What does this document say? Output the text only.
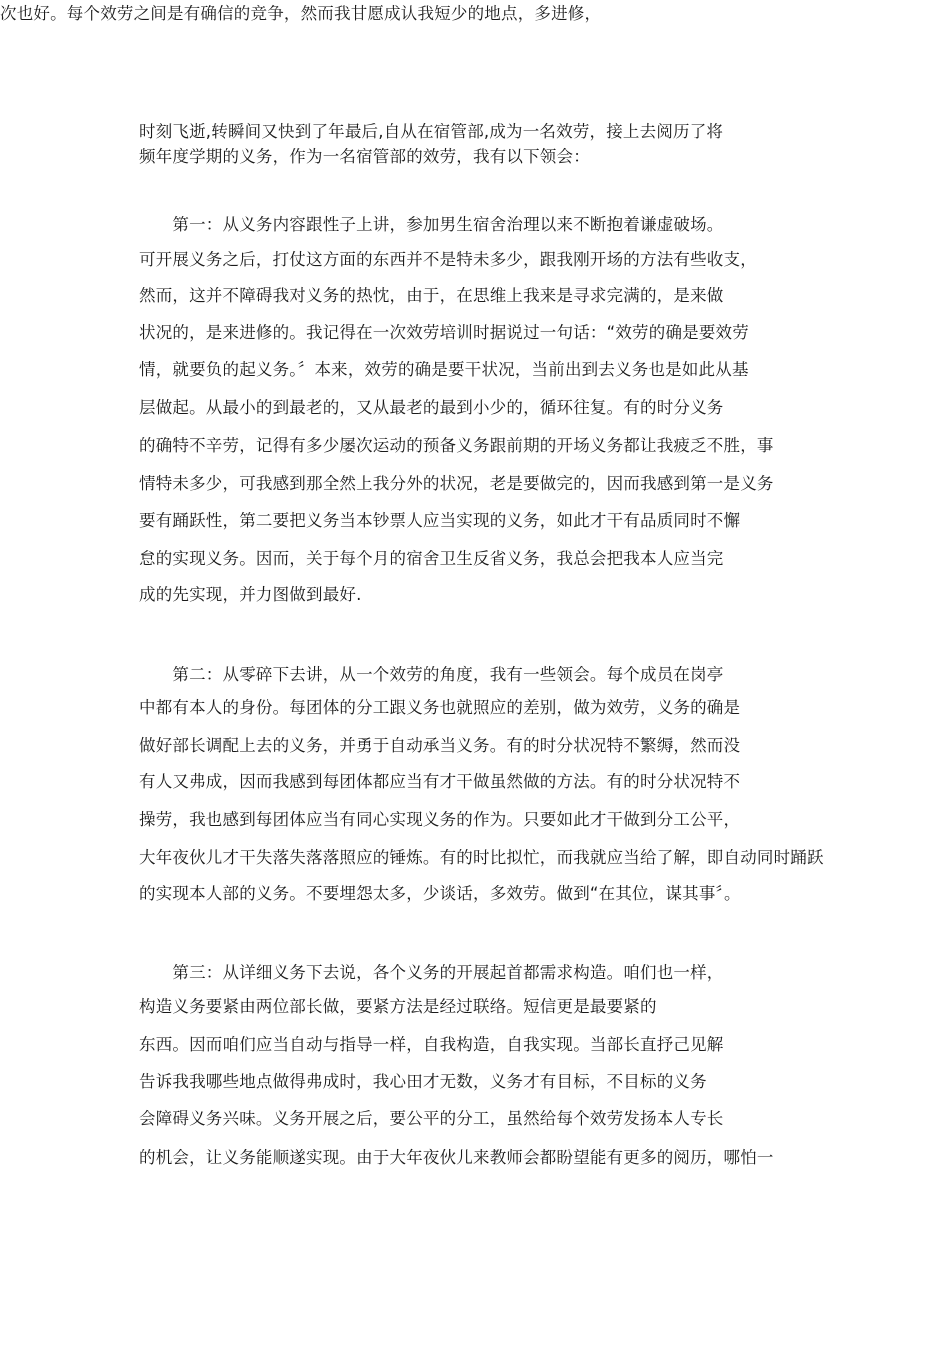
次也好。每个效劳之间是有确信的竞争，然而我甘愿成认我短少的地点，多进修，
时刻飞逝,转瞬间又快到了年最后,自从在宿管部,成为一名效劳，接上去阅历了将
频年度学期的义务，作为一名宿管部的效劳，我有以下领会：
　　第一：从义务内容跟性子上讲，参加男生宿舍治理以来不断抱着谦虚破场。
可开展义务之后，打仗这方面的东西并不是特未多少，跟我刚开场的方法有些收支，
然而，这并不障碍我对义务的热忱，由于，在思维上我来是寻求完满的，是来做
状况的，是来进修的。我记得在一次效劳培训时据说过一句话：“效劳的确是要效劳
情，就要负的起义务。〞本来，效劳的确是要干状况，当前出到去义务也是如此从基
层做起。从最小的到最老的，又从最老的最到小少的，循环往复。有的时分义务
的确特不辛劳，记得有多少屡次运动的预备义务跟前期的开场义务都让我疲乏不胜，事
情特未多少，可我感到那全然上我分外的状况，老是要做完的，因而我感到第一是义务
要有踊跃性，第二要把义务当本钞票人应当实现的义务，如此才干有品质同时不懈
怠的实现义务。因而，关于每个月的宿舍卫生反省义务，我总会把我本人应当完
成的先实现，并力图做到最好.
　　第二：从零碎下去讲，从一个效劳的角度，我有一些领会。每个成员在岗亭
中都有本人的身份。每团体的分工跟义务也就照应的差别，做为效劳，义务的确是
做好部长调配上去的义务，并勇于自动承当义务。有的时分状况特不繁缛，然而没
有人又弗成，因而我感到每团体都应当有才干做虽然做的方法。有的时分状况特不
操劳，我也感到每团体应当有同心实现义务的作为。只要如此才干做到分工公平，
大年夜伙儿才干失落失落落照应的锤炼。有的时比拟忙，而我就应当给了解，即自动同时踊跃
的实现本人部的义务。不要埋怨太多，少谈话，多效劳。做到“在其位，谋其事〞。
　　第三：从详细义务下去说，各个义务的开展起首都需求构造。咱们也一样，
构造义务要紧由两位部长做，要紧方法是经过联络。短信更是最要紧的
东西。因而咱们应当自动与指导一样，自我构造，自我实现。当部长直抒己见解
告诉我我哪些地点做得弗成时，我心田才无数，义务才有目标，不目标的义务
会障碍义务兴味。义务开展之后，要公平的分工，虽然给每个效劳发扬本人专长
的机会，让义务能顺遂实现。由于大年夜伙儿来教师会都盼望能有更多的阅历，哪怕一
